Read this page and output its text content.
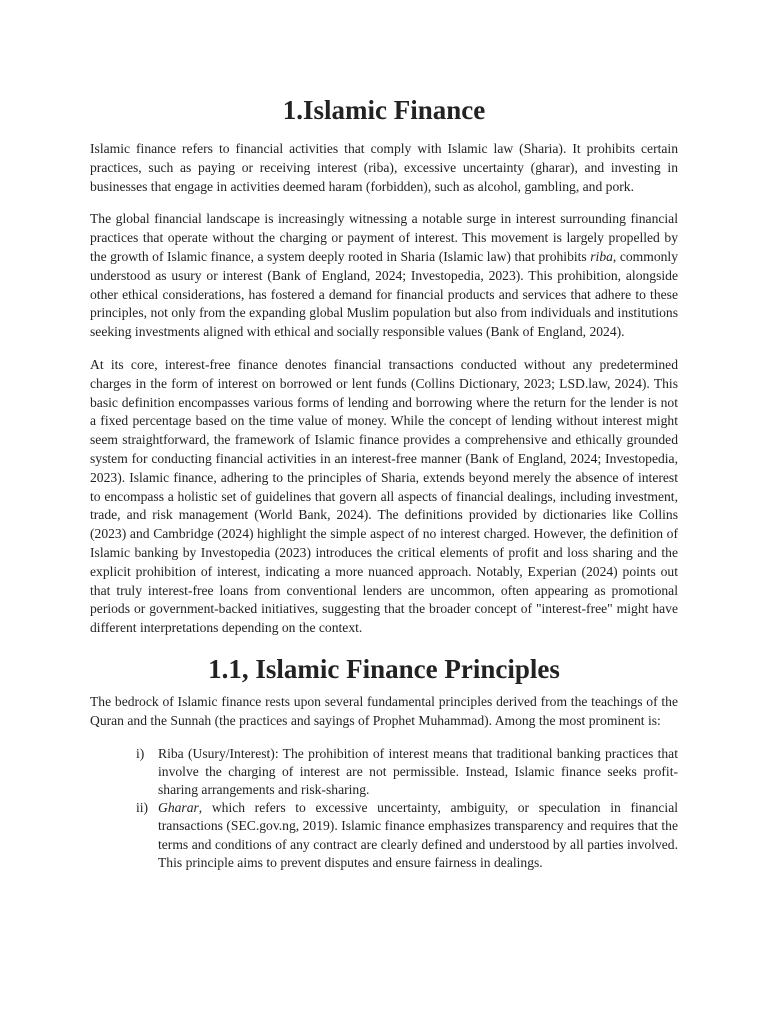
1.Islamic Finance

Islamic finance refers to financial activities that comply with Islamic law (Sharia). It prohibits certain practices, such as paying or receiving interest (riba), excessive uncertainty (gharar), and investing in businesses that engage in activities deemed haram (forbidden), such as alcohol, gambling, and pork.

The global financial landscape is increasingly witnessing a notable surge in interest surrounding financial practices that operate without the charging or payment of interest. This movement is largely propelled by the growth of Islamic finance, a system deeply rooted in Sharia (Islamic law) that prohibits riba, commonly understood as usury or interest (Bank of England, 2024; Investopedia, 2023). This prohibition, alongside other ethical considerations, has fostered a demand for financial products and services that adhere to these principles, not only from the expanding global Muslim population but also from individuals and institutions seeking investments aligned with ethical and socially responsible values (Bank of England, 2024).

At its core, interest-free finance denotes financial transactions conducted without any predetermined charges in the form of interest on borrowed or lent funds (Collins Dictionary, 2023; LSD.law, 2024). This basic definition encompasses various forms of lending and borrowing where the return for the lender is not a fixed percentage based on the time value of money. While the concept of lending without interest might seem straightforward, the framework of Islamic finance provides a comprehensive and ethically grounded system for conducting financial activities in an interest-free manner (Bank of England, 2024; Investopedia, 2023). Islamic finance, adhering to the principles of Sharia, extends beyond merely the absence of interest to encompass a holistic set of guidelines that govern all aspects of financial dealings, including investment, trade, and risk management (World Bank, 2024). The definitions provided by dictionaries like Collins (2023) and Cambridge (2024) highlight the simple aspect of no interest charged. However, the definition of Islamic banking by Investopedia (2023) introduces the critical elements of profit and loss sharing and the explicit prohibition of interest, indicating a more nuanced approach. Notably, Experian (2024) points out that truly interest-free loans from conventional lenders are uncommon, often appearing as promotional periods or government-backed initiatives, suggesting that the broader concept of "interest-free" might have different interpretations depending on the context.

1.1, Islamic Finance Principles

The bedrock of Islamic finance rests upon several fundamental principles derived from the teachings of the Quran and the Sunnah (the practices and sayings of Prophet Muhammad). Among the most prominent is:

i)	Riba (Usury/Interest): The prohibition of interest means that traditional banking practices that involve the charging of interest are not permissible. Instead, Islamic finance seeks profit-sharing arrangements and risk-sharing.
ii) Gharar, which refers to excessive uncertainty, ambiguity, or speculation in financial transactions (SEC.gov.ng, 2019). Islamic finance emphasizes transparency and requires that the terms and conditions of any contract are clearly defined and understood by all parties involved. This principle aims to prevent disputes and ensure fairness in dealings.
